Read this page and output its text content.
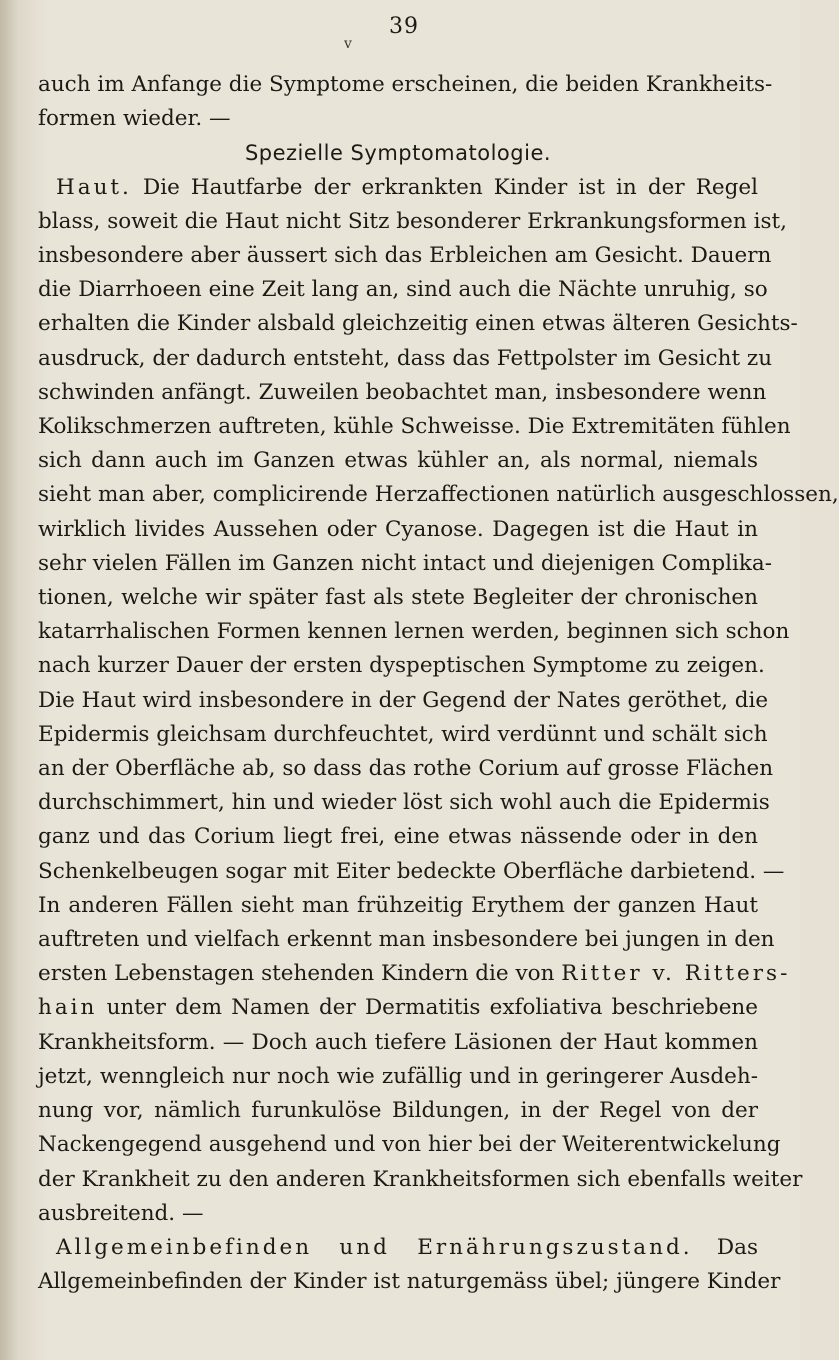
v
39
auch im Anfange die Symptome erscheinen, die beiden Krankheits-
formen wieder. —
Spezielle Symptomatologie.
Haut. Die Hautfarbe der erkrankten Kinder ist in der Regel
blass, soweit die Haut nicht Sitz besonderer Erkrankungsformen ist,
insbesondere aber äussert sich das Erbleichen am Gesicht. Dauern
die Diarrhoeen eine Zeit lang an, sind auch die Nächte unruhig, so
erhalten die Kinder alsbald gleichzeitig einen etwas älteren Gesichts-
ausdruck, der dadurch entsteht, dass das Fettpolster im Gesicht zu
schwinden anfängt. Zuweilen beobachtet man, insbesondere wenn
Kolikschmerzen auftreten, kühle Schweisse. Die Extremitäten fühlen
sich dann auch im Ganzen etwas kühler an, als normal, niemals
sieht man aber, complicirende Herzaffectionen natürlich ausgeschlossen,
wirklich livides Aussehen oder Cyanose. Dagegen ist die Haut in
sehr vielen Fällen im Ganzen nicht intact und diejenigen Complika-
tionen, welche wir später fast als stete Begleiter der chronischen
katarrhalischen Formen kennen lernen werden, beginnen sich schon
nach kurzer Dauer der ersten dyspeptischen Symptome zu zeigen.
Die Haut wird insbesondere in der Gegend der Nates geröthet, die
Epidermis gleichsam durchfeuchtet, wird verdünnt und schält sich
an der Oberfläche ab, so dass das rothe Corium auf grosse Flächen
durchschimmert, hin und wieder löst sich wohl auch die Epidermis
ganz und das Corium liegt frei, eine etwas nässende oder in den
Schenkelbeugen sogar mit Eiter bedeckte Oberfläche darbietend. —
In anderen Fällen sieht man frühzeitig Erythem der ganzen Haut
auftreten und vielfach erkennt man insbesondere bei jungen in den
ersten Lebenstagen stehenden Kindern die von Ritter v. Ritters-
hain unter dem Namen der Dermatitis exfoliativa beschriebene
Krankheitsform. — Doch auch tiefere Läsionen der Haut kommen
jetzt, wenngleich nur noch wie zufällig und in geringerer Ausdeh-
nung vor, nämlich furunkulöse Bildungen, in der Regel von der
Nackengegend ausgehend und von hier bei der Weiterentwickelung
der Krankheit zu den anderen Krankheitsformen sich ebenfalls weiter
ausbreitend. —
Allgemeinbefinden und Ernährungszustand. Das
Allgemeinbefinden der Kinder ist naturgemäss übel; jüngere Kinder
